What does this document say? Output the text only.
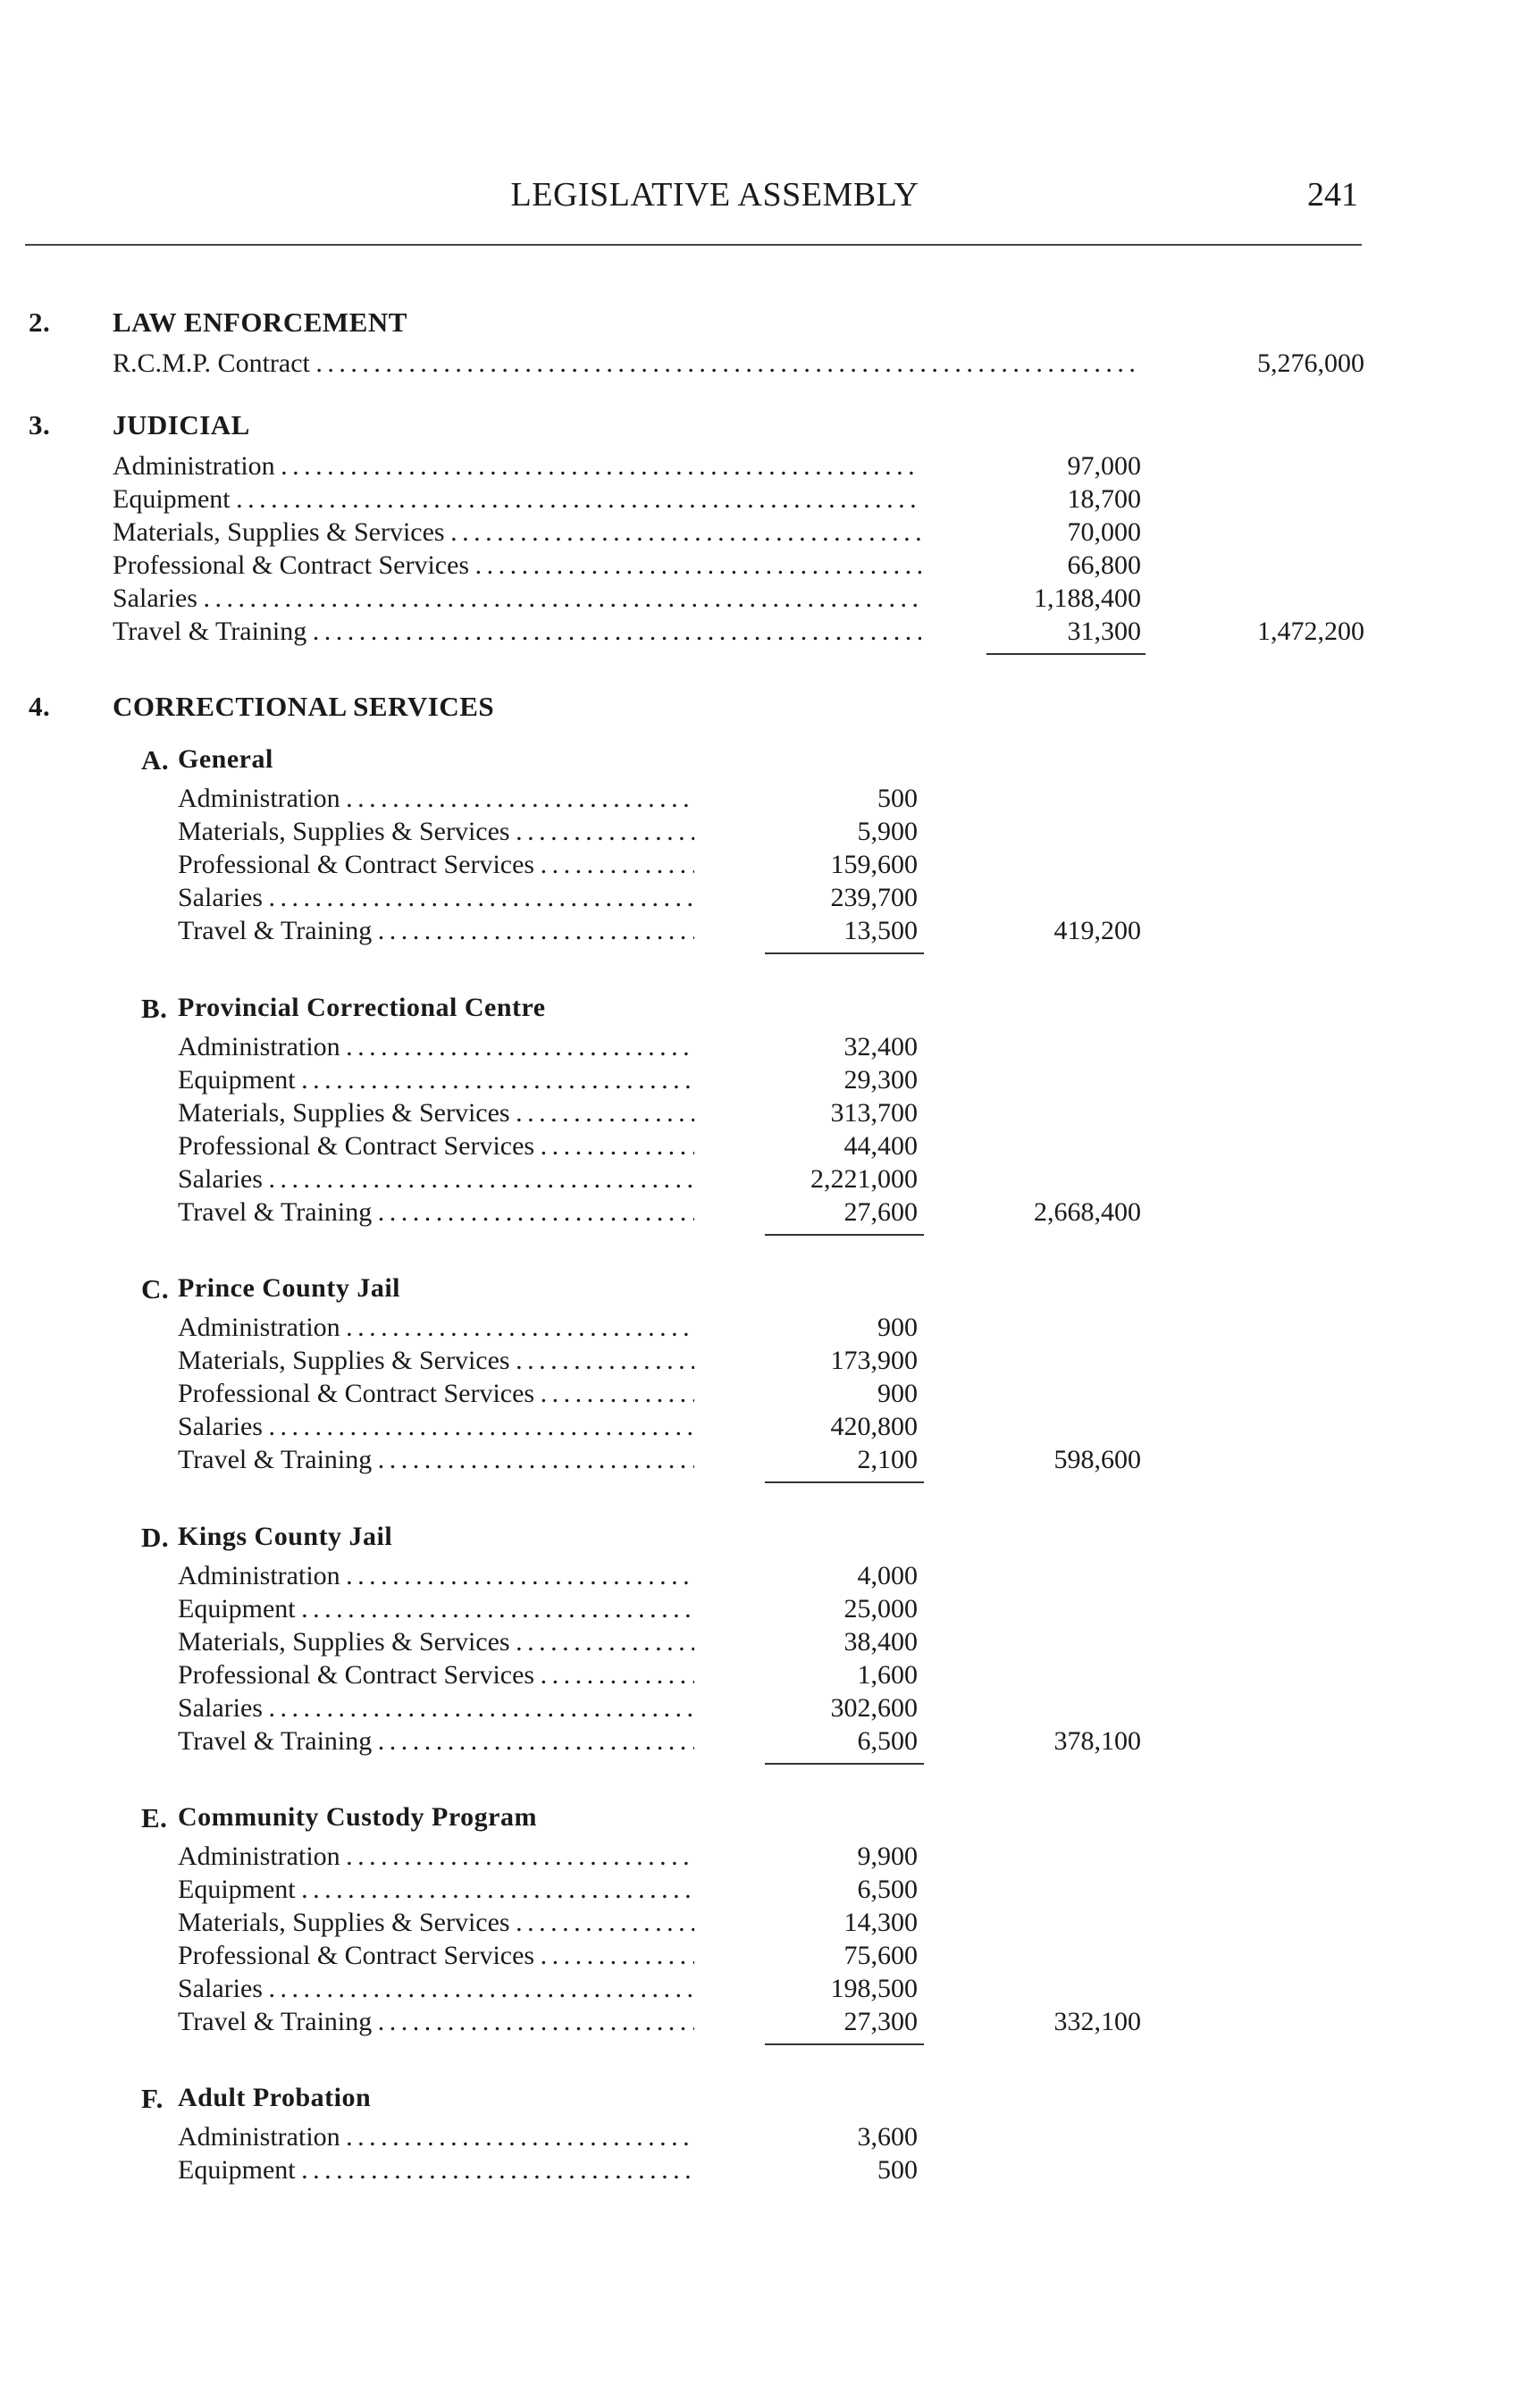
LEGISLATIVE ASSEMBLY	241
2.	LAW ENFORCEMENT
R.C.M.P. Contract . . .	5,276,000
3.	JUDICIAL
Administration . . .	97,000
Equipment . . .	18,700
Materials, Supplies & Services . . .	70,000
Professional & Contract Services . . .	66,800
Salaries . . .	1,188,400
Travel & Training . . .	31,300	1,472,200
4.	CORRECTIONAL SERVICES
A. General
Administration . . .	500
Materials, Supplies & Services . . .	5,900
Professional & Contract Services . . .	159,600
Salaries . . .	239,700
Travel & Training . . .	13,500	419,200
B. Provincial Correctional Centre
Administration . . .	32,400
Equipment . . .	29,300
Materials, Supplies & Services . . .	313,700
Professional & Contract Services . . .	44,400
Salaries . . .	2,221,000
Travel & Training . . .	27,600	2,668,400
C. Prince County Jail
Administration . . .	900
Materials, Supplies & Services . . .	173,900
Professional & Contract Services . . .	900
Salaries . . .	420,800
Travel & Training . . .	2,100	598,600
D. Kings County Jail
Administration . . .	4,000
Equipment . . .	25,000
Materials, Supplies & Services . . .	38,400
Professional & Contract Services . . .	1,600
Salaries . . .	302,600
Travel & Training . . .	6,500	378,100
E. Community Custody Program
Administration . . .	9,900
Equipment . . .	6,500
Materials, Supplies & Services . . .	14,300
Professional & Contract Services . . .	75,600
Salaries . . .	198,500
Travel & Training . . .	27,300	332,100
F. Adult Probation
Administration . . .	3,600
Equipment . . .	500
